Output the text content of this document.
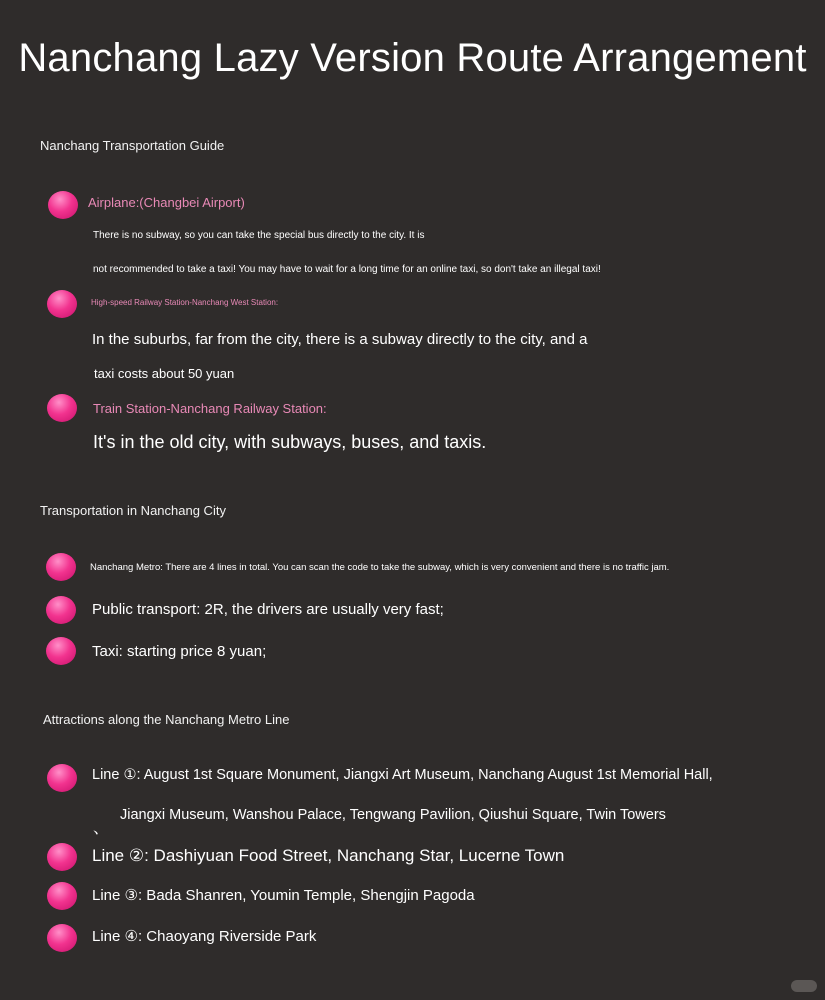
Nanchang Lazy Version Route Arrangement
Nanchang Transportation Guide
Airplane:(Changbei Airport)
There is no subway, so you can take the special bus directly to the city. It is
not recommended to take a taxi! You may have to wait for a long time for an online taxi, so don't take an illegal taxi!
High-speed Railway Station-Nanchang West Station:
In the suburbs, far from the city, there is a subway directly to the city, and a
taxi costs about 50 yuan
Train Station-Nanchang Railway Station:
It's in the old city, with subways, buses, and taxis.
Transportation in Nanchang City
Nanchang Metro: There are 4 lines in total. You can scan the code to take the subway, which is very convenient and there is no traffic jam.
Public transport: 2R, the drivers are usually very fast;
Taxi: starting price 8 yuan;
Attractions along the Nanchang Metro Line
Line ①: August 1st Square Monument, Jiangxi Art Museum, Nanchang August 1st Memorial Hall,
、
Jiangxi Museum, Wanshou Palace, Tengwang Pavilion, Qiushui Square, Twin Towers
Line ②: Dashiyuan Food Street, Nanchang Star, Lucerne Town
Line ③: Bada Shanren, Youmin Temple, Shengjin Pagoda
Line ④: Chaoyang Riverside Park
